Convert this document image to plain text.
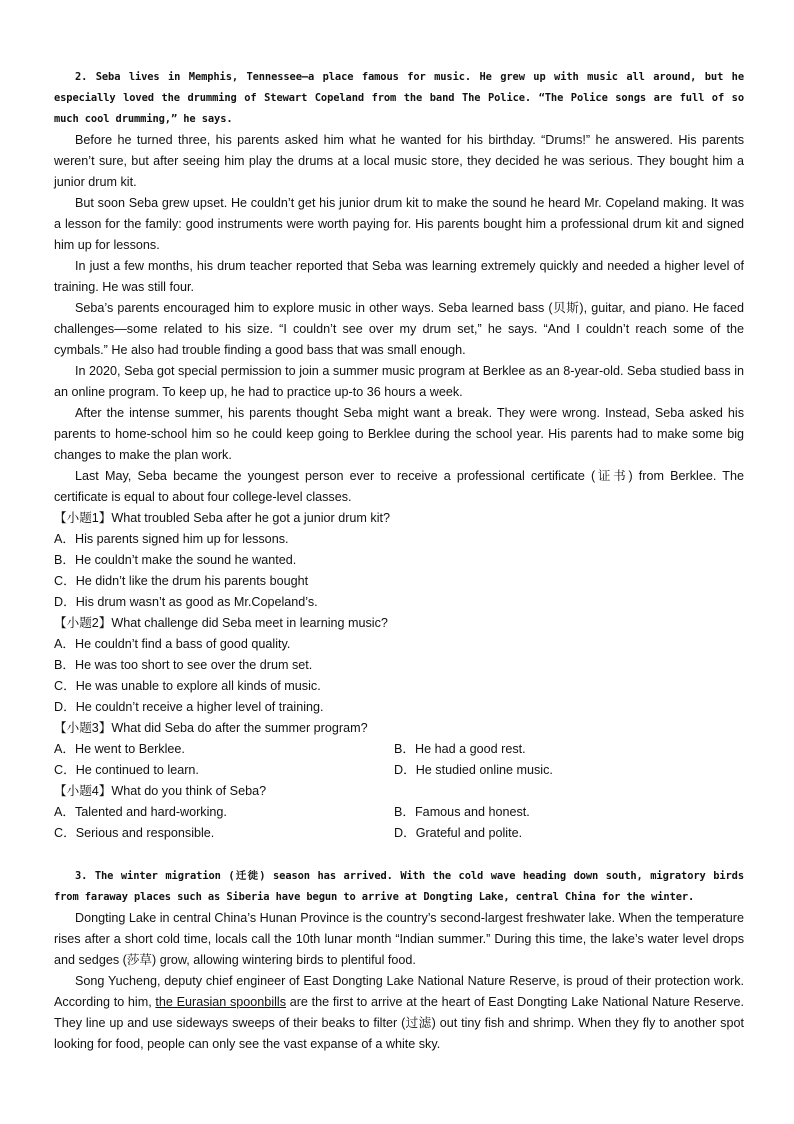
2. Seba lives in Memphis, Tennessee—a place famous for music. He grew up with music all around, but he especially loved the drumming of Stewart Copeland from the band The Police. “The Police songs are full of so much cool drumming,” he says.

Before he turned three, his parents asked him what he wanted for his birthday. “Drums!” he answered. His parents weren’t sure, but after seeing him play the drums at a local music store, they decided he was serious. They bought him a junior drum kit.

But soon Seba grew upset. He couldn’t get his junior drum kit to make the sound he heard Mr. Copeland making. It was a lesson for the family: good instruments were worth paying for. His parents bought him a professional drum kit and signed him up for lessons.

In just a few months, his drum teacher reported that Seba was learning extremely quickly and needed a higher level of training. He was still four.

Seba’s parents encouraged him to explore music in other ways. Seba learned bass (贝斯), guitar, and piano. He faced challenges—some related to his size. “I couldn’t see over my drum set,” he says. “And I couldn’t reach some of the cymbals.” He also had trouble finding a good bass that was small enough.

In 2020, Seba got special permission to join a summer music program at Berklee as an 8-year-old. Seba studied bass in an online program. To keep up, he had to practice up-to 36 hours a week.

After the intense summer, his parents thought Seba might want a break. They were wrong. Instead, Seba asked his parents to home-school him so he could keep going to Berklee during the school year. His parents had to make some big changes to make the plan work.

Last May, Seba became the youngest person ever to receive a professional certificate (证书) from Berklee. The certificate is equal to about four college-level classes.

【小题1】What troubled Seba after he got a junior drum kit?

A．His parents signed him up for lessons.

B．He couldn’t make the sound he wanted.

C．He didn’t like the drum his parents bought

D．His drum wasn’t as good as Mr.Copeland’s.

【小题2】What challenge did Seba meet in learning music?

A．He couldn’t find a bass of good quality.

B．He was too short to see over the drum set.

C．He was unable to explore all kinds of music.

D．He couldn’t receive a higher level of training.

【小题3】What did Seba do after the summer program?

A．He went to Berklee.	B．He had a good rest.
C．He continued to learn.	D．He studied online music.

【小题4】What do you think of Seba?

A．Talented and hard-working.	B．Famous and honest.
C．Serious and responsible.	D．Grateful and polite.

3. The winter migration (迁徙) season has arrived. With the cold wave heading down south, migratory birds from faraway places such as Siberia have begun to arrive at Dongting Lake, central China for the winter.

Dongting Lake in central China’s Hunan Province is the country’s second-largest freshwater lake. When the temperature rises after a short cold time, locals call the 10th lunar month “Indian summer.” During this time, the lake’s water level drops and sedges (莎草) grow, allowing wintering birds to plentiful food.

Song Yucheng, deputy chief engineer of East Dongting Lake National Nature Reserve, is proud of their protection work. According to him, the Eurasian spoonbills are the first to arrive at the heart of East Dongting Lake National Nature Reserve. They line up and use sideways sweeps of their beaks to filter (过滤) out tiny fish and shrimp. When they fly to another spot looking for food, people can only see the vast expanse of a white sky.
